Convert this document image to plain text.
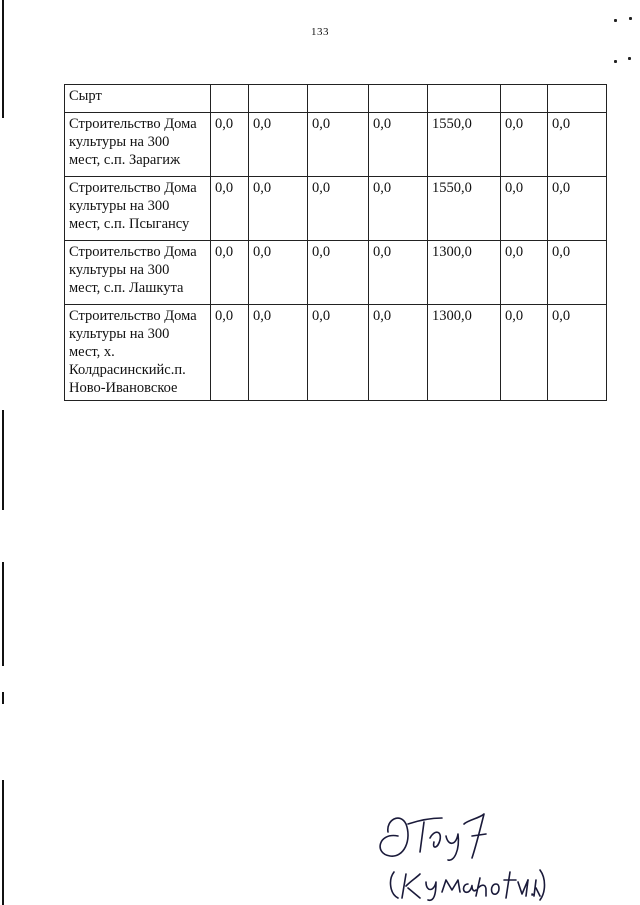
133
Сырт							
Строительство Дома
культуры на 300
мест, с.п. Зарагиж	0,0	0,0	0,0	0,0	1550,0	0,0	0,0
Строительство Дома
культуры на 300
мест, с.п. Псыгансу	0,0	0,0	0,0	0,0	1550,0	0,0	0,0
Строительство Дома
культуры на 300
мест, с.п. Лашкута	0,0	0,0	0,0	0,0	1300,0	0,0	0,0
Строительство Дома
культуры на 300
мест, х.
Колдрасинскийс.п.
Ново-Ивановское	0,0	0,0	0,0	0,0	1300,0	0,0	0,0
